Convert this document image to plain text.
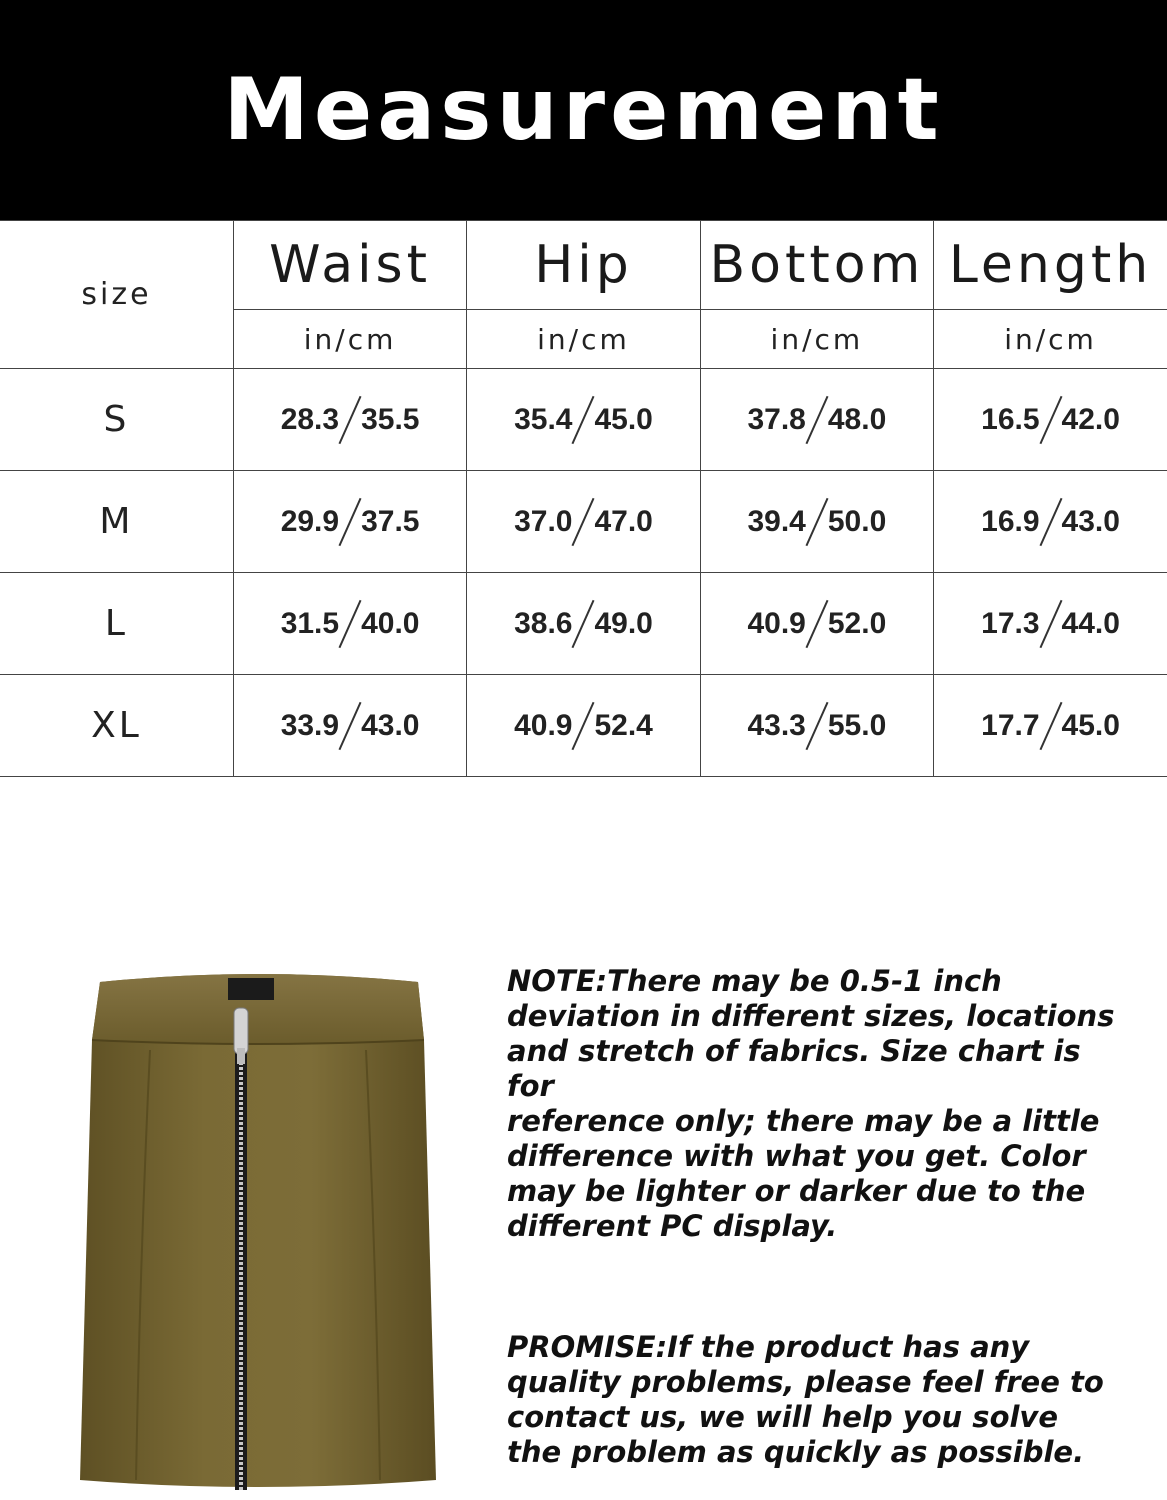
Measurement
size	Waist	Hip	Bottom	Length
	in/cm	in/cm	in/cm	in/cm
S	28.3 35.5	35.4 45.0	37.8 48.0	16.5 42.0

M	29.9 37.5	37.0 47.0	39.4 50.0	16.9 43.0

L	31.5 40.0	38.6 49.0	40.9 52.0	17.3 44.0

XL	33.9 43.0	40.9 52.4	43.3 55.0	17.7 45.0
NOTE:There may be 0.5-1 inch
deviation in different sizes, locations
and stretch of fabrics. Size chart is for
reference only; there may be a little
difference with what you get. Color
may be lighter or darker due to the
different PC display.
PROMISE:If the product has any
quality problems, please feel free to
contact us, we will help you solve
the problem as quickly as possible.
